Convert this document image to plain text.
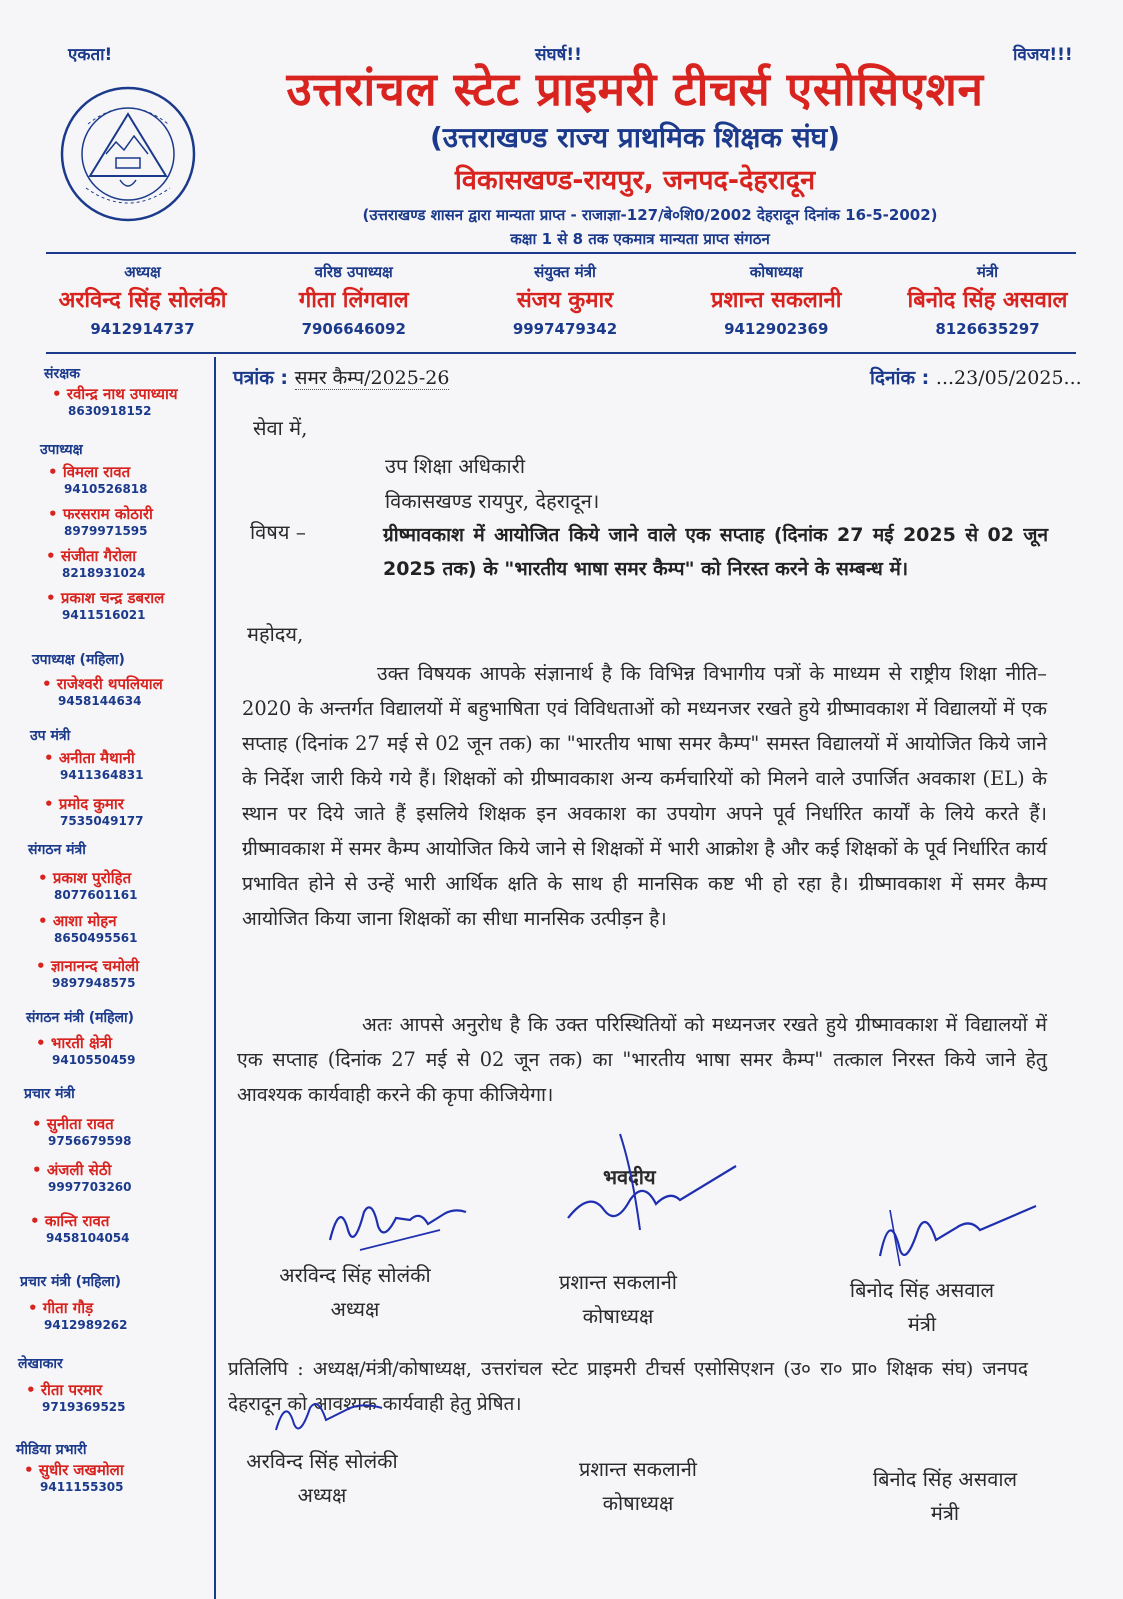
एकता!	संघर्ष!!	विजय!!!
उत्तरांचल स्टेट प्राइमरी टीचर्स एसोसिएशन
(उत्तराखण्ड राज्य प्राथमिक शिक्षक संघ)
विकासखण्ड-रायपुर, जनपद-देहरादून
(उत्तराखण्ड शासन द्वारा मान्यता प्राप्त - राजाज्ञा-127/बे०शि0/2002 देहरादून दिनांक 16-5-2002)
कक्षा 1 से 8 तक एकमात्र मान्यता प्राप्त संगठन
अध्यक्ष
अरविन्द सिंह सोलंकी
9412914737
वरिष्ठ उपाध्यक्ष
गीता लिंगवाल
7906646092
संयुक्त मंत्री
संजय कुमार
9997479342
कोषाध्यक्ष
प्रशान्त सकलानी
9412902369
मंत्री
बिनोद सिंह असवाल
8126635297
संरक्षक
• रवीन्द्र नाथ उपाध्याय
8630918152
उपाध्यक्ष
• विमला रावत
9410526818
• फरसराम कोठारी
8979971595
• संजीता गैरोला
8218931024
• प्रकाश चन्द्र डबराल
9411516021
उपाध्यक्ष (महिला)
• राजेश्वरी थपलियाल
9458144634
उप मंत्री
• अनीता मैथानी
9411364831
• प्रमोद कुमार
7535049177
संगठन मंत्री
• प्रकाश पुरोहित
8077601161
• आशा मोहन
8650495561
• ज्ञानानन्द चमोली
9897948575
संगठन मंत्री (महिला)
• भारती क्षेत्री
9410550459
प्रचार मंत्री
• सुनीता रावत
9756679598
• अंजली सेठी
9997703260
• कान्ति रावत
9458104054
प्रचार मंत्री (महिला)
• गीता गौड़
9412989262
लेखाकार
• रीता परमार
9719369525
मीडिया प्रभारी
• सुधीर जखमोला
9411155305
पत्रांक : समर कैम्प/2025-26	दिनांक : ...23/05/2025...
सेवा में,
उप शिक्षा अधिकारी
विकासखण्ड रायपुर, देहरादून।
विषय –	ग्रीष्मावकाश में आयोजित किये जाने वाले एक सप्ताह (दिनांक 27 मई 2025 से 02 जून 2025 तक) के "भारतीय भाषा समर कैम्प" को निरस्त करने के सम्बन्ध में।
महोदय,
उक्त विषयक आपके संज्ञानार्थ है कि विभिन्न विभागीय पत्रों के माध्यम से राष्ट्रीय शिक्षा नीति–2020 के अन्तर्गत विद्यालयों में बहुभाषिता एवं विविधताओं को मध्यनजर रखते हुये ग्रीष्मावकाश में विद्यालयों में एक सप्ताह (दिनांक 27 मई से 02 जून तक) का "भारतीय भाषा समर कैम्प" समस्त विद्यालयों में आयोजित किये जाने के निर्देश जारी किये गये हैं। शिक्षकों को ग्रीष्मावकाश अन्य कर्मचारियों को मिलने वाले उपार्जित अवकाश (EL) के स्थान पर दिये जाते हैं इसलिये शिक्षक इन अवकाश का उपयोग अपने पूर्व निर्धारित कार्यों के लिये करते हैं। ग्रीष्मावकाश में समर कैम्प आयोजित किये जाने से शिक्षकों में भारी आक्रोश है और कई शिक्षकों के पूर्व निर्धारित कार्य प्रभावित होने से उन्हें भारी आर्थिक क्षति के साथ ही मानसिक कष्ट भी हो रहा है। ग्रीष्मावकाश में समर कैम्प आयोजित किया जाना शिक्षकों का सीधा मानसिक उत्पीड़न है।
अतः आपसे अनुरोध है कि उक्त परिस्थितियों को मध्यनजर रखते हुये ग्रीष्मावकाश में विद्यालयों में एक सप्ताह (दिनांक 27 मई से 02 जून तक) का "भारतीय भाषा समर कैम्प" तत्काल निरस्त किये जाने हेतु आवश्यक कार्यवाही करने की कृपा कीजियेगा।
भवदीय
अरविन्द सिंह सोलंकी
अध्यक्ष
प्रशान्त सकलानी
कोषाध्यक्ष
बिनोद सिंह असवाल
मंत्री
प्रतिलिपि : अध्यक्ष/मंत्री/कोषाध्यक्ष, उत्तरांचल स्टेट प्राइमरी टीचर्स एसोसिएशन (उ० रा० प्रा० शिक्षक संघ) जनपद देहरादून को आवश्यक कार्यवाही हेतु प्रेषित।
अरविन्द सिंह सोलंकी
अध्यक्ष
प्रशान्त सकलानी
कोषाध्यक्ष
बिनोद सिंह असवाल
मंत्री
